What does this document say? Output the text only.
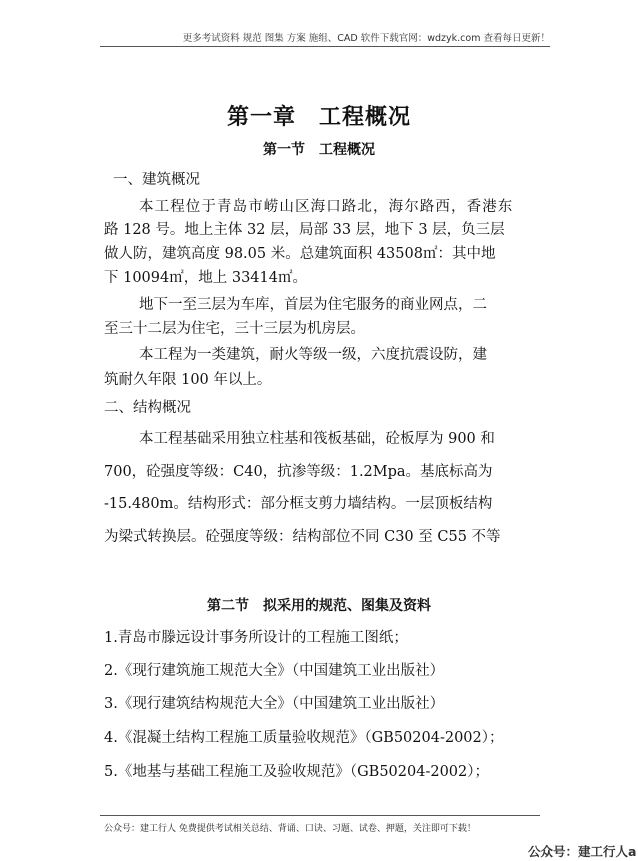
更多考试资料 规范 图集 方案 施组、CAD 软件下载官网：wdzyk.com 查看每日更新！
第一章　工程概况
第一节　工程概况
一、建筑概况
本工程位于青岛市崂山区海口路北，海尔路西，香港东
路 128 号。地上主体 32 层，局部 33 层，地下 3 层，负三层
做人防，建筑高度 98.05 米。总建筑面积 43508㎡：其中地
下 10094㎡，地上 33414㎡。
地下一至三层为车库，首层为住宅服务的商业网点，二
至三十二层为住宅，三十三层为机房层。
本工程为一类建筑，耐火等级一级，六度抗震设防，建
筑耐久年限 100 年以上。
二、结构概况
本工程基础采用独立柱基和筏板基础，砼板厚为 900 和
700，砼强度等级：C40，抗渗等级：1.2Mpa。基底标高为
-15.480m。结构形式：部分框支剪力墙结构。一层顶板结构
为梁式转换层。砼强度等级：结构部位不同 C30 至 C55 不等
第二节　拟采用的规范、图集及资料
1.青岛市滕远设计事务所设计的工程施工图纸；
2.《现行建筑施工规范大全》（中国建筑工业出版社）
3.《现行建筑结构规范大全》（中国建筑工业出版社）
4.《混凝土结构工程施工质量验收规范》（GB50204-2002）；
5.《地基与基础工程施工及验收规范》（GB50204-2002）；
公众号：建工行人 免费提供考试相关总结、背诵、口诀、习题、试卷、押题，关注即可下载！
公众号：建工行人a
